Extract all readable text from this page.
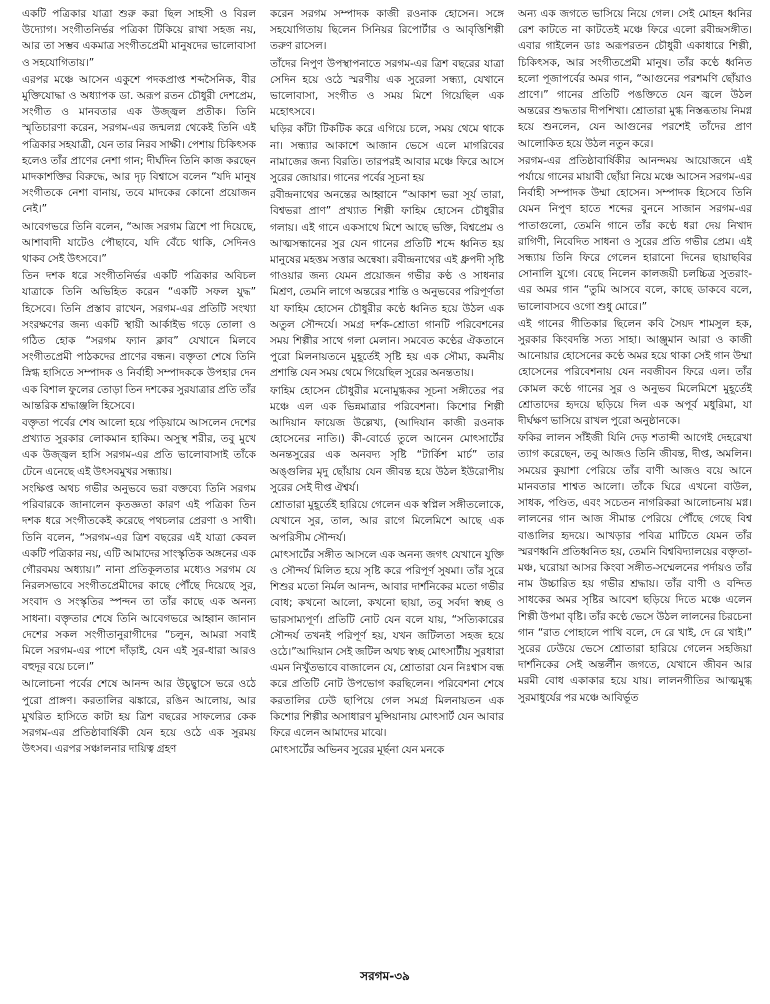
একটি পত্রিকার যাত্রা শুরু করা ছিল সাহসী ও বিরল উদ্যোগ। সংগীতনির্ভর পত্রিকা টিকিয়ে রাখা সহজ নয়, আর তা সম্ভব একমাত্র সংগীতপ্রেমী মানুষদের ভালোবাসা ও সহযোগিতায়।”

এরপর মঞ্চে আসেন একুশে পদকপ্রাপ্ত শব্দসৈনিক, বীর মুক্তিযোদ্ধা ও অধ্যাপক ডা. অরূপ রতন চৌধুরী দেশপ্রেম, সংগীত ও মানবতার এক উজ্জ্বল প্রতীক। তিনি স্মৃতিচারণা করেন, সরগম-এর জন্মলগ্ন থেকেই তিনি এই পত্রিকার সহযাত্রী, যেন তার নিরব সাক্ষী। পেশায় চিকিৎসক হলেও তাঁর প্রাণের নেশা গান; দীর্ঘদিন তিনি কাজ করছেন মাদকাশক্তির বিরুদ্ধে, আর দৃঢ় বিশ্বাসে বলেন “যদি মানুষ সংগীতকে নেশা বানায়, তবে মাদকের কোনো প্রয়োজন নেই।”

আবেগভরে তিনি বলেন, “আজ সরগম ত্রিশে পা দিয়েছে, আশাবাদী যাটেও পৌছাবে, যদি বেঁচে থাকি, সেদিনও থাকব সেই উৎসবে।”

তিন দশক ধরে সংগীতনির্ভর একটি পত্রিকার অবিচল যাত্রাকে তিনি অভিহিত করেন “একটি সফল যুদ্ধ” হিসেবে। তিনি প্রস্তাব রাখেন, সরগম-এর প্রতিটি সংখ্যা সংরক্ষণের জন্য একটি স্থায়ী আর্কাইভ গড়ে তোলা ও গঠিত হোক “সরগম ফ্যান ক্লাব” যেখানে মিলবে সংগীতপ্রেমী পাঠকদের প্রাণের বন্ধন। বক্তৃতা শেষে তিনি স্নিগ্ধ হাসিতে সম্পাদক ও নির্বাহী সম্পাদককে উপহার দেন এক বিশাল ফুলের তোড়া তিন দশকের সুরযাত্রার প্রতি তাঁর আন্তরিক শ্রদ্ধাঞ্জলি হিসেবে।

বক্তৃতা পর্বের শেষ আলো হয়ে পড়িয়ামে আসলেন দেশের প্রখ্যাত সুরকার লোকমান হাকিম। অসুস্থ শরীর, তবু মুখে এক উজ্জ্বল হাসি সরগম-এর প্রতি ভালোবাসাই তাঁকে টেনে এনেছে এই উৎসবমুখর সন্ধ্যায়।

সংক্ষিপ্ত অথচ গভীর অনুভবে ভরা বক্তব্যে তিনি সরগম পরিবারকে জানালেন কৃতজ্ঞতা কারণ এই পত্রিকা তিন দশক ধরে সংগীতকেই করেছে পথচলার প্রেরণা ও সাথী। তিনি বলেন, “সরগম-এর ত্রিশ বছরের এই যাত্রা কেবল একটি পত্রিকার নয়, এটি আমাদের সাংস্কৃতিক অঙ্গনের এক গৌরবময় অধ্যায়।” নানা প্রতিকূলতার মধ্যেও সরগম যে নিরলসভাবে সংগীতপ্রেমীদের কাছে পৌঁছে দিয়েছে সুর, সংবাদ ও সংস্কৃতির স্পন্দন তা তাঁর কাছে এক অনন্য সাধনা। বক্তৃতার শেষে তিনি আবেগভরে আহ্বান জানান দেশের সকল সংগীতানুরাগীদের “চলুন, আমরা সবাই মিলে সরগম-এর পাশে দাঁড়াই, যেন এই সুর-ধারা আরও বহুদূর বয়ে চলে।”

আলোচনা পর্বের শেষে আনন্দ আর উচ্ছ্বাসে ভরে ওঠে পুরো প্রাঙ্গণ। করতালির ঝঙ্কারে, রঙিন আলোয়, আর মুখরিত হাসিতে কাটা হয় ত্রিশ বছরের সাফল্যের কেক সরগম-এর প্রতিষ্ঠাবার্ষিকী যেন হয়ে ওঠে এক সুরময় উৎসব। এরপর সঞ্চালনার দায়িত্ব গ্রহণ

করেন সরগম সম্পাদক কাজী রওনাক হোসেন। সঙ্গে সহযোগিতায় ছিলেন সিনিয়র রিপোর্টার ও আবৃত্তিশিল্পী তরুণ রাসেল।

তাঁদের নিপুণ উপস্থাপনাতে সরগম-এর ত্রিশ বছরের যাত্রা সেদিন হয়ে ওঠে স্মরণীয় এক সুরেলা সন্ধ্যা, যেখানে ভালোবাসা, সংগীত ও সময় মিশে গিয়েছিল এক মহোৎসবে।

ঘড়ির কাঁটা টিকটিক করে এগিয়ে চলে, সময় থেমে থাকে না। সন্ধ্যার আকাশে আজান ভেসে এলে মাগরিবের নামাজের জন্য বিরতি। তারপরই আবার মঞ্চে ফিরে আসে সুরের জোয়ার। গানের পর্বের সূচনা হয়

রবীন্দ্রনাথের অনন্তের আহ্বানে “আকাশ ভরা সূর্য তারা, বিশ্বভরা প্রাণ” প্রখ্যাত শিল্পী ফাহিম হোসেন চৌধুরীর গলায়। এই গানে একসাথে মিশে আছে ভক্তি, বিশ্বপ্রেম ও আত্মসন্ধানের সুর যেন গানের প্রতিটি শব্দে ধ্বনিত হয় মানুষের মহত্তম সত্তার অন্বেষা। রবীন্দ্রনাথের এই ধ্রুপদী সৃষ্টি গাওয়ার জন্য যেমন প্রয়োজন গভীর কণ্ঠ ও সাধনার মিশ্রণ, তেমনি লাগে অন্তরের শান্তি ও অনুভবের পরিপূর্ণতা যা ফাহিম হোসেন চৌধুরীর কণ্ঠে ধ্বনিত হয়ে উঠল এক অতুল সৌন্দর্যে। সমগ্র দর্শক-শ্রোতা গানটি পরিবেশনের সময় শিল্পীর সাথে গলা মেলান। সমবেত কণ্ঠের ঐকতানে পুরো মিলনায়তনে মুহূর্তেই সৃষ্টি হয় এক সৌম্য, কমনীয় প্রশান্তি যেন সময় থেমে গিয়েছিল সুরের অনন্ততায়।

ফাহিম হোসেন চৌধুরীর মনোমুগ্ধকর সূচনা সঙ্গীতের পর মঞ্চে এল এক ভিন্নমাত্রার পরিবেশনা। কিশোর শিল্পী আদিয়ান ফায়েজ উল্লেখ্য, (আদিযান কাজী রওনাক হোসেনের নাতি।) কী-বোর্ডে তুলে আনেন মোৎসার্টের অনন্তসুরের এক অনবদ্য সৃষ্টি “টার্কিশ মার্চ” তার অঙ্গুলির মৃদু ছোঁয়ায় যেন জীবন্ত হয়ে উঠল ইউরোপীয় সুরের সেই দীপ্ত ঐশ্বর্য।

শ্রোতারা মুহূর্তেই হারিয়ে গেলেন এক স্বপ্নিল সঙ্গীতলোকে, যেখানে সুর, তাল, আর রাগে মিলেমিশে আছে এক অপরিসীম সৌন্দর্য।

মোৎসার্টের সঙ্গীত আসলে এক অনন্য জগৎ যেখানে যুক্তি ও সৌন্দর্য মিলিত হয়ে সৃষ্টি করে পরিপূর্ণ সুষমা। তাঁর সুরে শিশুর মতো নির্মল আনন্দ, আবার দার্শনিকের মতো গভীর বোধ; কখনো আলো, কখনো ছায়া, তবু সর্বদা স্বচ্ছ ও ভারসাম্যপূর্ণ। প্রতিটি নোট যেন বলে যায়, “সত্যিকারের সৌন্দর্য তখনই পরিপূর্ণ হয়, যখন জটিলতা সহজ হয়ে ওঠে।”আদিয়ান সেই জটিল অথচ স্বচ্ছ মোৎসার্টীয় সুরধারা এমন নিখুঁতভাবে বাজালেন যে, শ্রোতারা যেন নিঃশ্বাস বন্ধ করে প্রতিটি নোট উপভোগ করছিলেন। পরিবেশনা শেষে করতালির ঢেউ ছাপিয়ে গেল সমগ্র মিলনায়তন এক কিশোর শিল্পীর অসাধারণ মুন্সিয়ানায় মোৎসার্ট যেন আবার ফিরে এলেন আমাদের মাঝে।

মোৎসার্টের অভিনব সুরের মূর্ছনা যেন মনকে

অন্য এক জগতে ভাসিয়ে নিয়ে গেল। সেই মোহন ধ্বনির রেশ কাটতে না কাটতেই মঞ্চে ফিরে এলো রবীন্দ্রসঙ্গীত। এবার গাইলেন ডাঃ অরূপরতন চৌধুরী একাধারে শিল্পী, চিকিৎসক, আর সংগীতপ্রেমী মানুষ। তাঁর কণ্ঠে ধ্বনিত হলো পূজাপর্বের অমর গান, “আগুনের পরশমণি ছোঁয়াও প্রাণে।” গানের প্রতিটি পঙক্তিতে যেন জ্বলে উঠল অন্তরের শুদ্ধতার দীপশিখা। শ্রোতারা মুগ্ধ নিস্তব্ধতায় নিমগ্ন হয়ে শুনলেন, যেন আগুনের পরশেই তাঁদের প্রাণ আলোকিত হয়ে উঠল নতুন করে।

সরগম-এর প্রতিষ্ঠাবার্ষিকীর আনন্দময় আয়োজনে এই পর্যায়ে গানের মায়াবী ছোঁয়া নিয়ে মঞ্চে আসেন সরগম-এর নির্বাহী সম্পাদক উম্মা হোসেন। সম্পাদক হিসেবে তিনি যেমন নিপুণ হাতে শব্দের বুননে সাজান সরগম-এর পাতাগুলো, তেমনি গানে তাঁর কণ্ঠে ধরা দেয় নিখাদ রাগিণী, নিবেদিত সাধনা ও সুরের প্রতি গভীর প্রেম। এই সন্ধ্যায় তিনি ফিরে গেলেন হারানো দিনের ছায়াছবির সোনালি যুগে। বেছে নিলেন কালজয়ী চলচ্চিত্র সুতরাং-এর অমর গান “তুমি আসবে বলে, কাছে ডাকবে বলে, ভালোবাসবে ওগো শুধু মোরে।”

এই গানের গীতিকার ছিলেন কবি সৈয়দ শামসুল হক, সুরকার কিংবদন্তি সত্য সাহা। আঞ্জুমান আরা ও কাজী আনোয়ার হোসেনের কণ্ঠে অমর হয়ে থাকা সেই গান উম্মা হোসেনের পরিবেশনায় যেন নবজীবন ফিরে এল। তাঁর কোমল কণ্ঠে গানের সুর ও অনুভব মিলেমিশে মুহূর্তেই শ্রোতাদের হৃদয়ে ছড়িয়ে দিল এক অপূর্ব মধুরিমা, যা দীর্ঘক্ষণ ভাসিয়ে রাখল পুরো অনুষ্ঠানকে।

ফকির লালন সাঁইজী যিনি দেড় শতাব্দী আগেই দেহরেখা ত্যাগ করেছেন, তবু আজও তিনি জীবন্ত, দীপ্ত, অমলিন। সময়ের কুয়াশা পেরিয়ে তাঁর বাণী আজও বয়ে আনে মানবতার শাশ্বত আলো। তাঁকে ঘিরে এখনো বাউল, সাধক, পণ্ডিত, এবং সচেতন নাগরিকরা আলোচনায় মগ্ন। লালনের গান আজ সীমান্ত পেরিয়ে পৌঁছে গেছে বিশ্ব বাঙালির হৃদয়ে। আখড়ার পবিত্র মাটিতে যেমন তাঁর স্মরণধ্বনি প্রতিধ্বনিত হয়, তেমনি বিশ্ববিদ্যালয়ের বক্তৃতা-মঞ্চ, ঘরোয়া আসর কিংবা সঙ্গীত-সম্মেলনের পর্দায়ও তাঁর নাম উচ্চারিত হয় গভীর শ্রদ্ধায়। তাঁর বাণী ও বন্দিত সাধকের অমর সৃষ্টির আবেশ ছড়িয়ে দিতে মঞ্চে এলেন শিল্পী উপমা বৃষ্টি। তাঁর কণ্ঠে ভেসে উঠল লালনের চিরচেনা গান “রাত পোহালে পাখি বলে, দে রে খাই, দে রে খাই।” সুরের ঢেউয়ে ভেসে শ্রোতারা হারিয়ে গেলেন সহজিয়া দার্শনিকের সেই অন্তর্লীন জগতে, যেখানে জীবন আর মরমী বোধ একাকার হয়ে যায়। লালনগীতির আত্মমুগ্ধ সুরমাধুর্যের পর মঞ্চে আবির্ভূত

সরগম-৩৯
